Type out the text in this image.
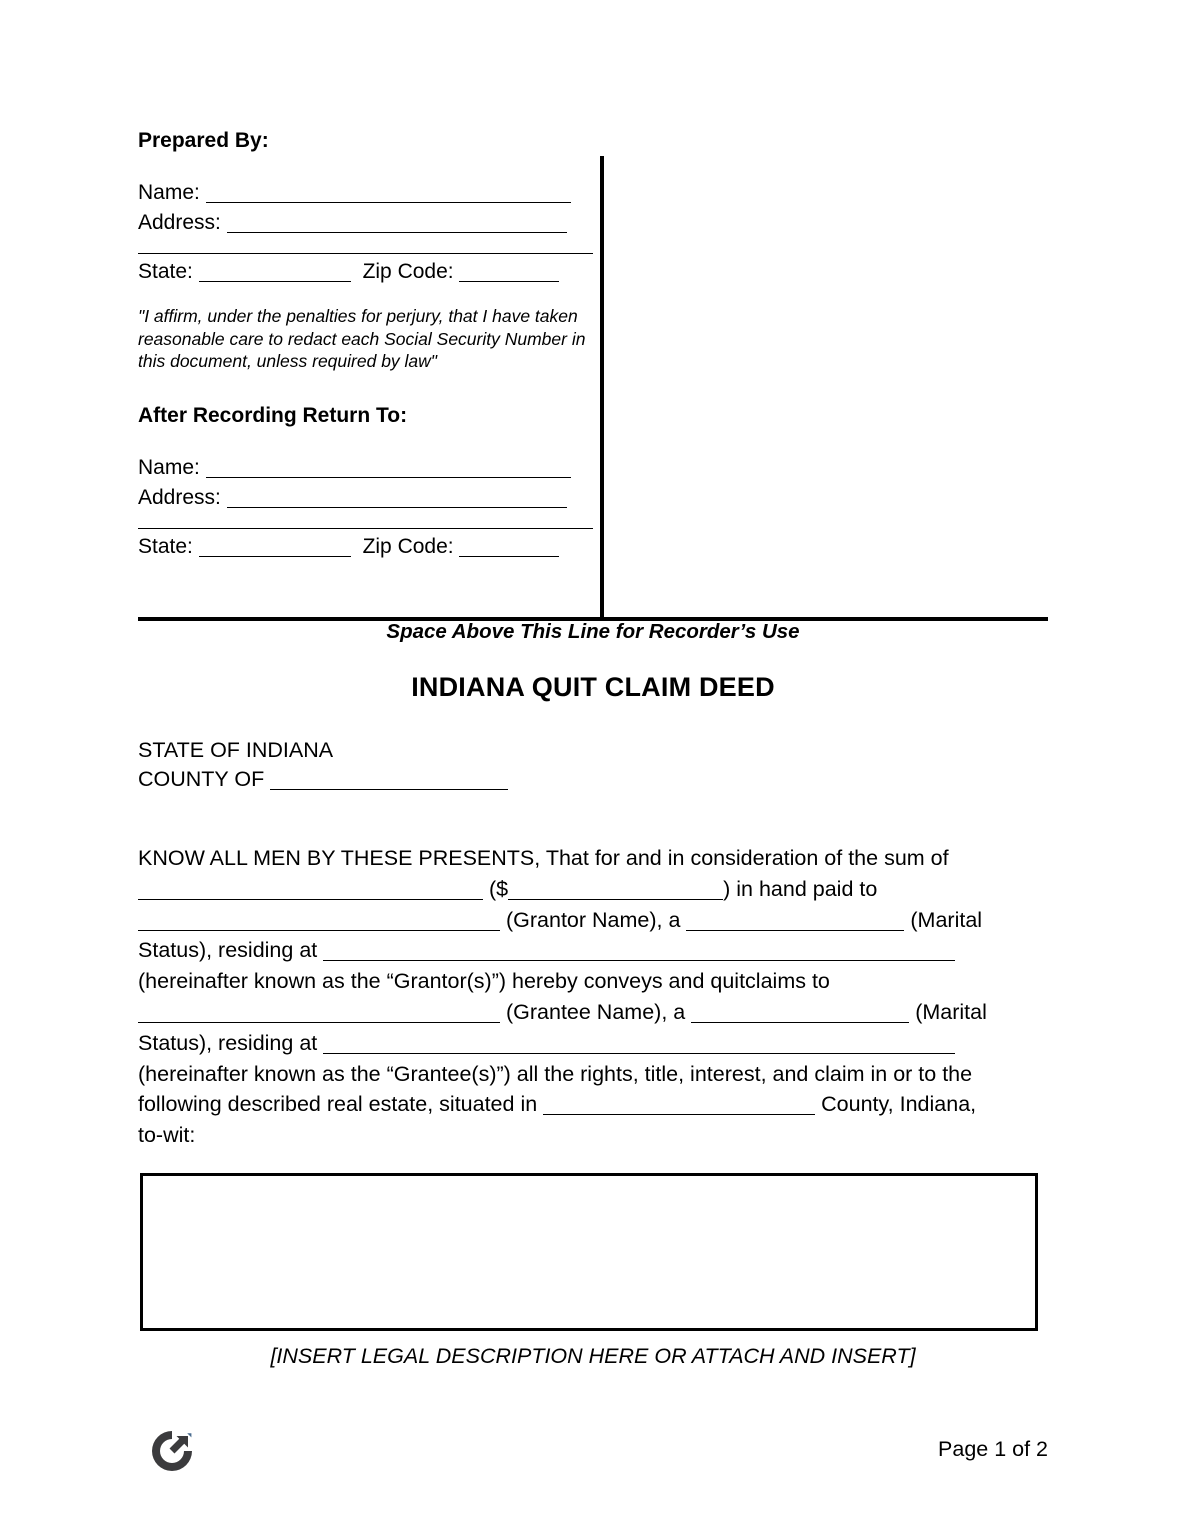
Prepared By:
Name:
Address:
State:	Zip Code:
"I affirm, under the penalties for perjury, that I have taken reasonable care to redact each Social Security Number in this document, unless required by law"
After Recording Return To:
Name:
Address:
State:	Zip Code:
Space Above This Line for Recorder’s Use
INDIANA QUIT CLAIM DEED
STATE OF INDIANA
COUNTY OF
KNOW ALL MEN BY THESE PRESENTS, That for and in consideration of the sum of
($	) in hand paid to
(Grantor Name), a	(Marital
Status), residing at
(hereinafter known as the “Grantor(s)”) hereby conveys and quitclaims to
(Grantee Name), a	(Marital
Status), residing at
(hereinafter known as the “Grantee(s)”) all the rights, title, interest, and claim in or to the
following described real estate, situated in	County, Indiana,
to-wit:
[INSERT LEGAL DESCRIPTION HERE OR ATTACH AND INSERT]
Page 1 of 2
